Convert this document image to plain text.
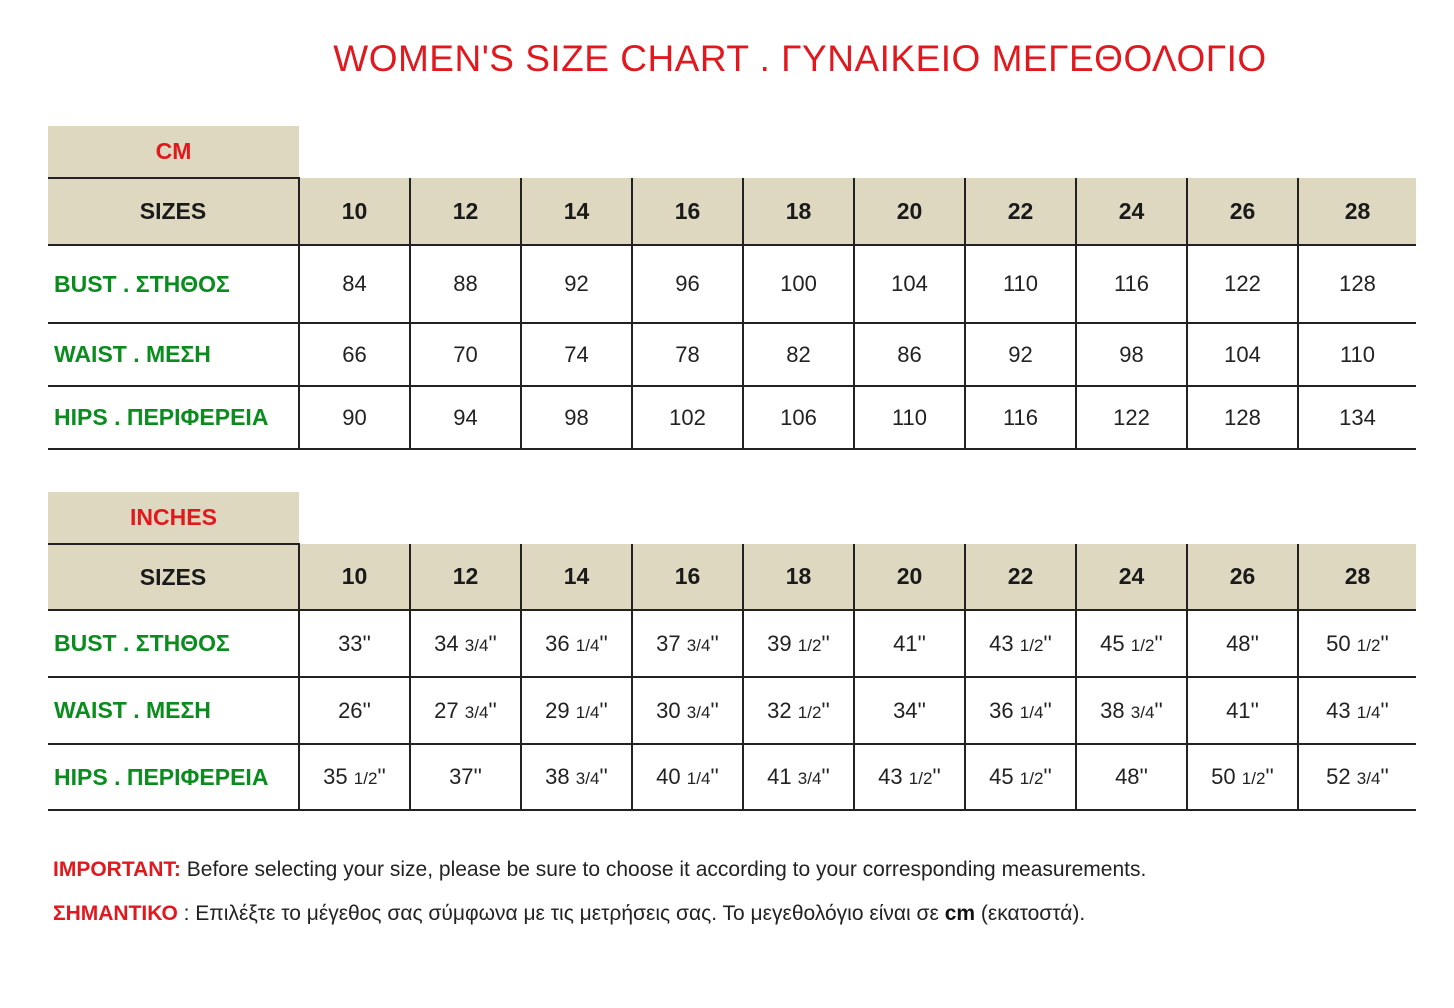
WOMEN'S SIZE CHART . ΓΥΝΑΙΚΕΙΟ ΜΕΓΕΘΟΛΟΓΙΟ
CM										
SIZES	10	12	14	16	18	20	22	24	26	28
BUST . ΣΤΗΘΟΣ	84	88	92	96	100	104	110	116	122	128
WAIST . ΜΕΣΗ	66	70	74	78	82	86	92	98	104	110
HIPS . ΠΕΡΙΦΕΡΕΙΑ	90	94	98	102	106	110	116	122	128	134
INCHES										
SIZES	10	12	14	16	18	20	22	24	26	28
BUST . ΣΤΗΘΟΣ	33''	34 3/4''	36 1/4''	37 3/4''	39 1/2''	41''	43 1/2''	45 1/2''	48''	50 1/2''
WAIST . ΜΕΣΗ	26''	27 3/4''	29 1/4''	30 3/4''	32 1/2''	34''	36 1/4''	38 3/4''	41''	43 1/4''
HIPS . ΠΕΡΙΦΕΡΕΙΑ	35 1/2''	37''	38 3/4''	40 1/4''	41 3/4''	43 1/2''	45 1/2''	48''	50 1/2''	52 3/4''
IMPORTANT: Before selecting your size, please be sure to choose it according to your corresponding measurements.
ΣΗΜΑΝΤΙΚΟ : Επιλέξτε το μέγεθος σας σύμφωνα με τις μετρήσεις σας. Το μεγεθολόγιο είναι σε cm (εκατοστά).
